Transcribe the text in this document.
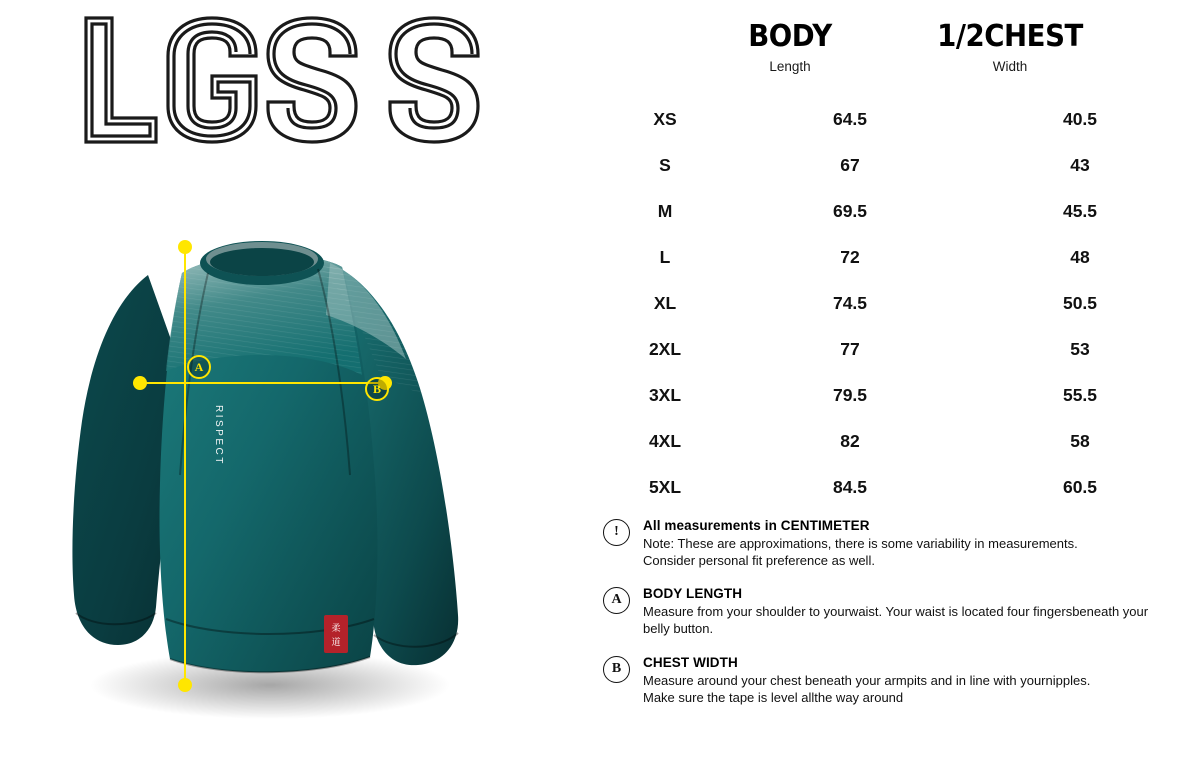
RISPECT
柔
道
A
B
BODY
Length
1/2CHEST
Width
XS	64.5	40.5
S	67	43
M	69.5	45.5
L	72	48
XL	74.5	50.5
2XL	77	53
3XL	79.5	55.5
4XL	82	58
5XL	84.5	60.5
!	All measurements in CENTIMETER
Note: These are approximations, there is some variability in measurements.
Consider personal fit preference as well.
A	BODY LENGTH
Measure from your shoulder to yourwaist. Your waist is located four fingersbeneath your
belly button.
B	CHEST WIDTH
Measure around your chest beneath your armpits and in line with yournipples.
Make sure the tape is level allthe way around
